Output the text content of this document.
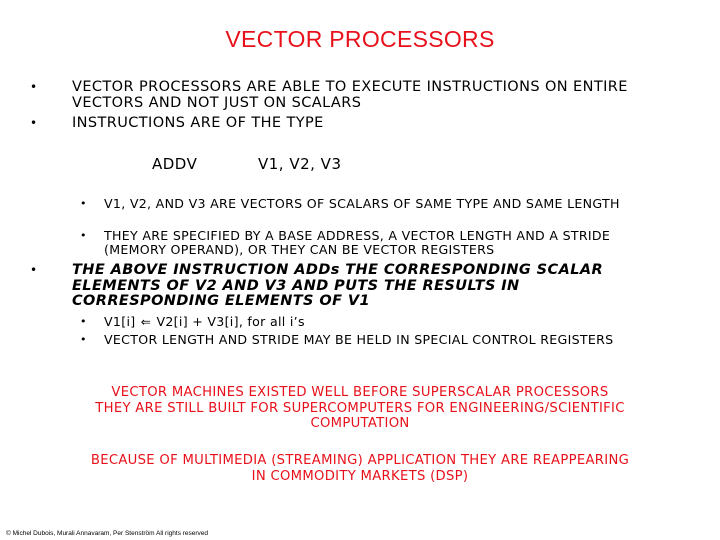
VECTOR PROCESSORS
•	VECTOR PROCESSORS ARE ABLE TO EXECUTE INSTRUCTIONS ON ENTIRE VECTORS AND NOT JUST ON SCALARS
•	INSTRUCTIONS ARE OF THE TYPE
ADDV	V1, V2, V3
•	V1, V2, AND V3 ARE VECTORS OF SCALARS OF SAME TYPE AND SAME LENGTH
•	THEY ARE SPECIFIED BY A BASE ADDRESS, A VECTOR LENGTH AND A STRIDE (MEMORY OPERAND), OR THEY CAN BE VECTOR REGISTERS
•	THE ABOVE INSTRUCTION ADDs THE CORRESPONDING SCALAR ELEMENTS OF V2 AND V3 AND PUTS THE RESULTS IN CORRESPONDING ELEMENTS OF V1
•	V1[i] ⇐ V2[i] + V3[i], for all i’s
•	VECTOR LENGTH AND STRIDE MAY BE HELD IN SPECIAL CONTROL REGISTERS
VECTOR MACHINES EXISTED WELL BEFORE SUPERSCALAR PROCESSORS
THEY ARE STILL BUILT FOR SUPERCOMPUTERS FOR ENGINEERING/SCIENTIFIC
COMPUTATION
BECAUSE OF MULTIMEDIA (STREAMING) APPLICATION THEY ARE REAPPEARING
IN COMMODITY MARKETS (DSP)
© Michel Dubois, Murali Annavaram, Per Stenström All rights reserved
